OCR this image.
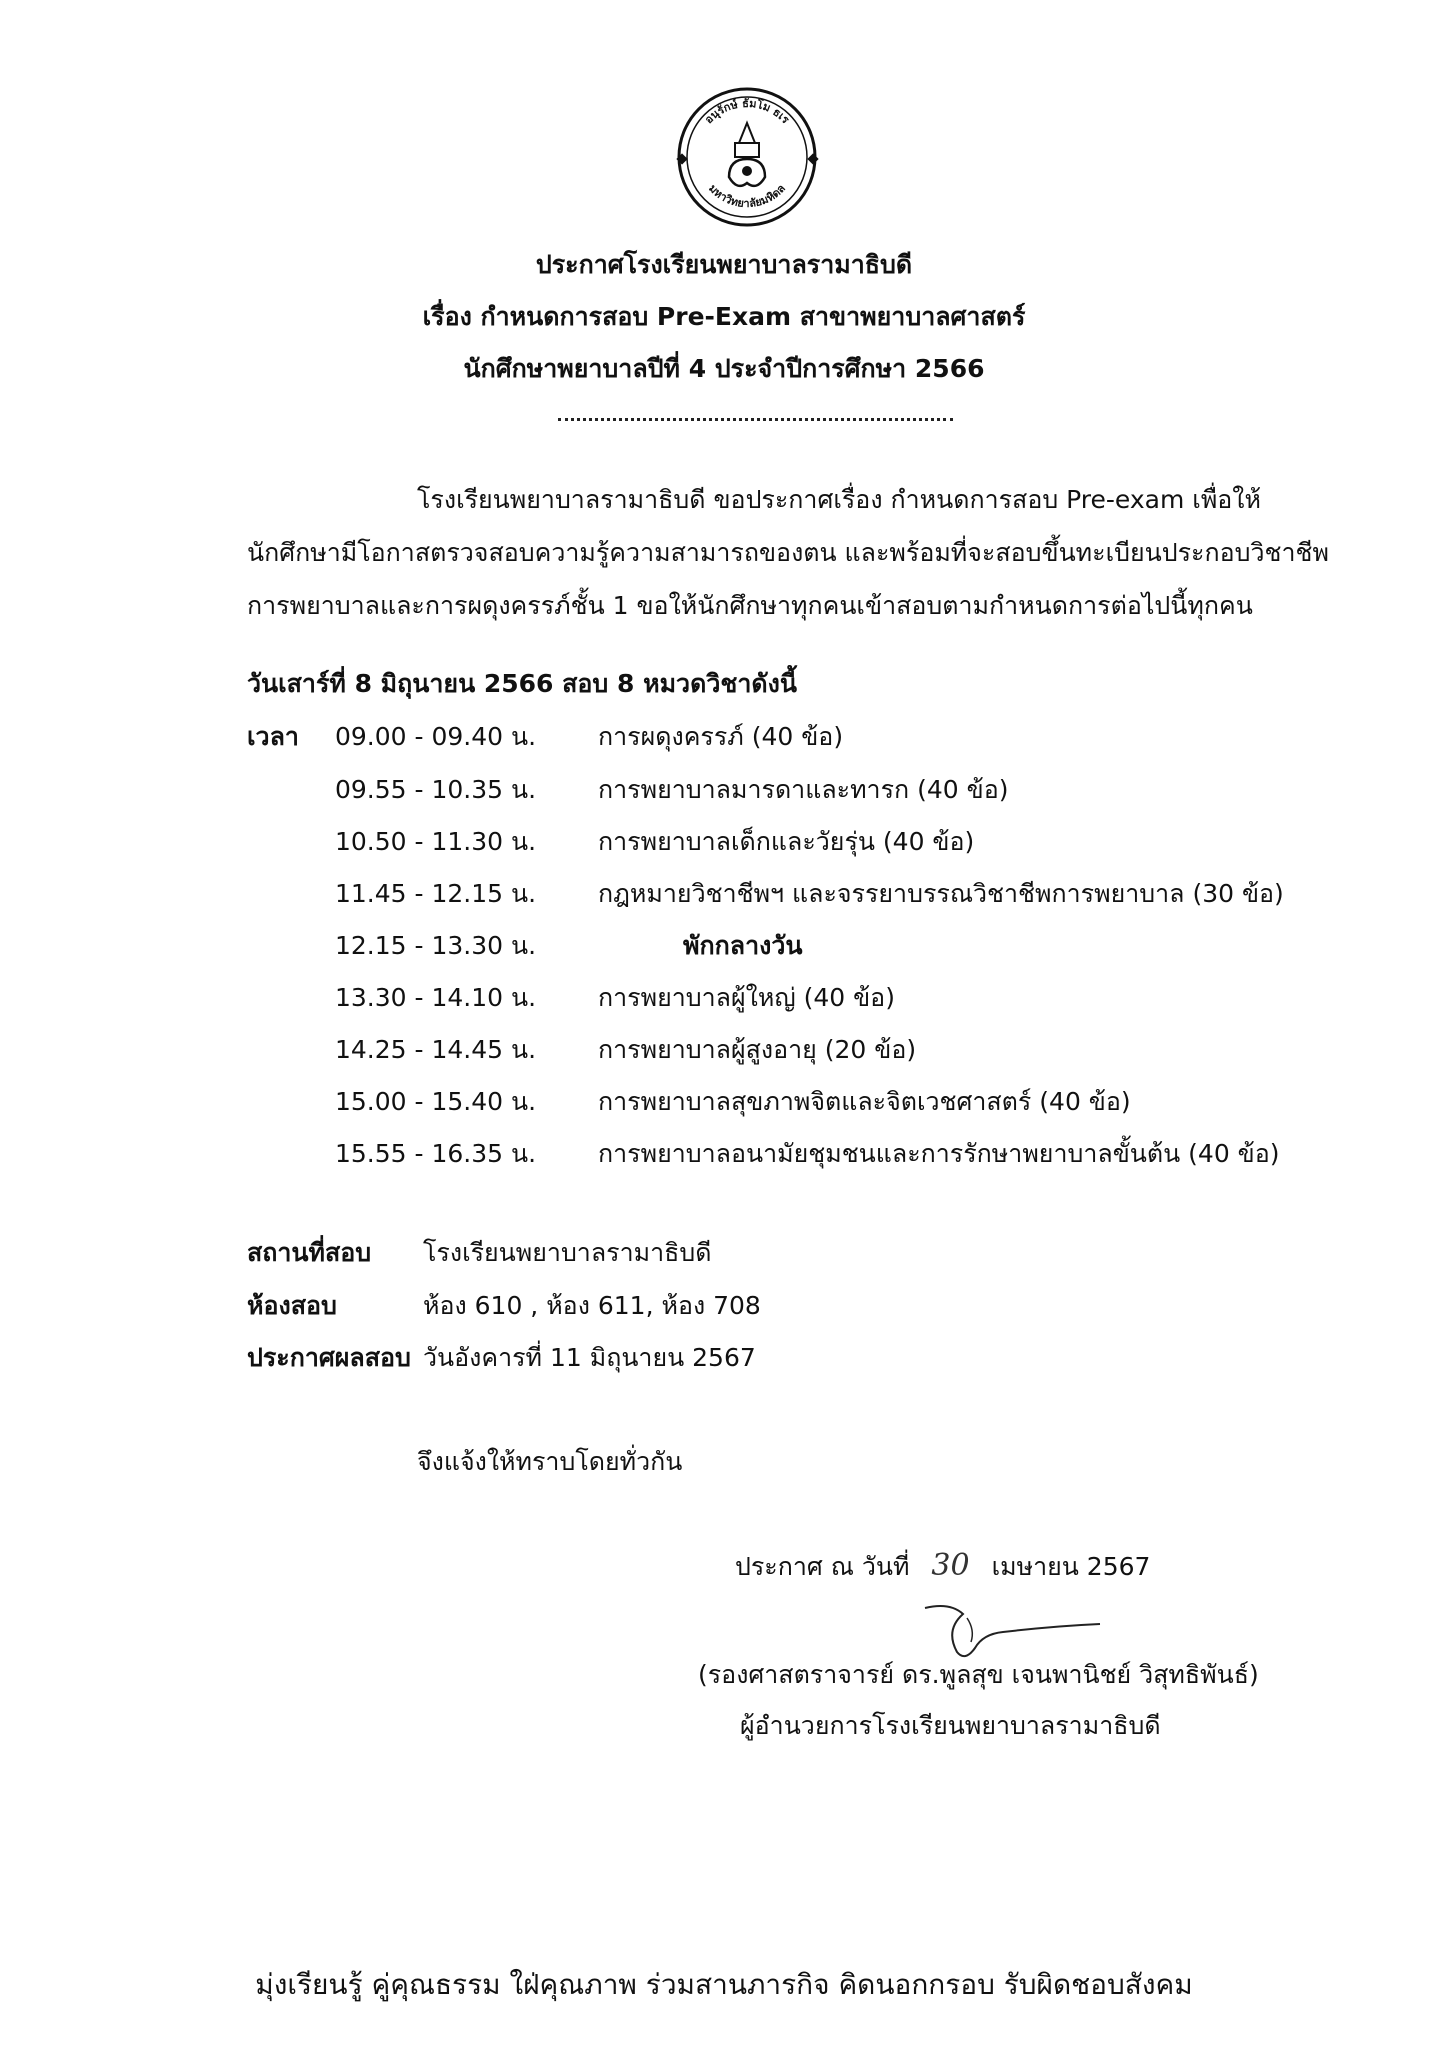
อนุรักษ์ ธัมโม ธเร
มหาวิทยาลัยมหิดล
ประกาศโรงเรียนพยาบาลรามาธิบดี
เรื่อง กำหนดการสอบ Pre-Exam สาขาพยาบาลศาสตร์
นักศึกษาพยาบาลปีที่ 4 ประจำปีการศึกษา 2566
โรงเรียนพยาบาลรามาธิบดี ขอประกาศเรื่อง กำหนดการสอบ Pre-exam เพื่อให้
นักศึกษามีโอกาสตรวจสอบความรู้ความสามารถของตน และพร้อมที่จะสอบขึ้นทะเบียนประกอบวิชาชีพ
การพยาบาลและการผดุงครรภ์ชั้น 1 ขอให้นักศึกษาทุกคนเข้าสอบตามกำหนดการต่อไปนี้ทุกคน
วันเสาร์ที่ 8 มิถุนายน 2566 สอบ 8 หมวดวิชาดังนี้
เวลา 09.00 - 09.40 น. การผดุงครรภ์ (40 ข้อ)
09.55 - 10.35 น. การพยาบาลมารดาและทารก (40 ข้อ)
10.50 - 11.30 น. การพยาบาลเด็กและวัยรุ่น (40 ข้อ)
11.45 - 12.15 น. กฎหมายวิชาชีพฯ และจรรยาบรรณวิชาชีพการพยาบาล (30 ข้อ)
12.15 - 13.30 น.	พักกลางวัน
13.30 - 14.10 น. การพยาบาลผู้ใหญ่ (40 ข้อ)
14.25 - 14.45 น. การพยาบาลผู้สูงอายุ (20 ข้อ)
15.00 - 15.40 น. การพยาบาลสุขภาพจิตและจิตเวชศาสตร์ (40 ข้อ)
15.55 - 16.35 น. การพยาบาลอนามัยชุมชนและการรักษาพยาบาลขั้นต้น (40 ข้อ)
สถานที่สอบ โรงเรียนพยาบาลรามาธิบดี
ห้องสอบ	ห้อง 610 , ห้อง 611, ห้อง 708
ประกาศผลสอบ วันอังคารที่ 11 มิถุนายน 2567
จึงแจ้งให้ทราบโดยทั่วกัน
ประกาศ ณ วันที่ 30 เมษายน 2567
(รองศาสตราจารย์ ดร.พูลสุข เจนพานิชย์ วิสุทธิพันธ์)
ผู้อำนวยการโรงเรียนพยาบาลรามาธิบดี
มุ่งเรียนรู้ คู่คุณธรรม ใฝ่คุณภาพ ร่วมสานภารกิจ คิดนอกกรอบ รับผิดชอบสังคม
